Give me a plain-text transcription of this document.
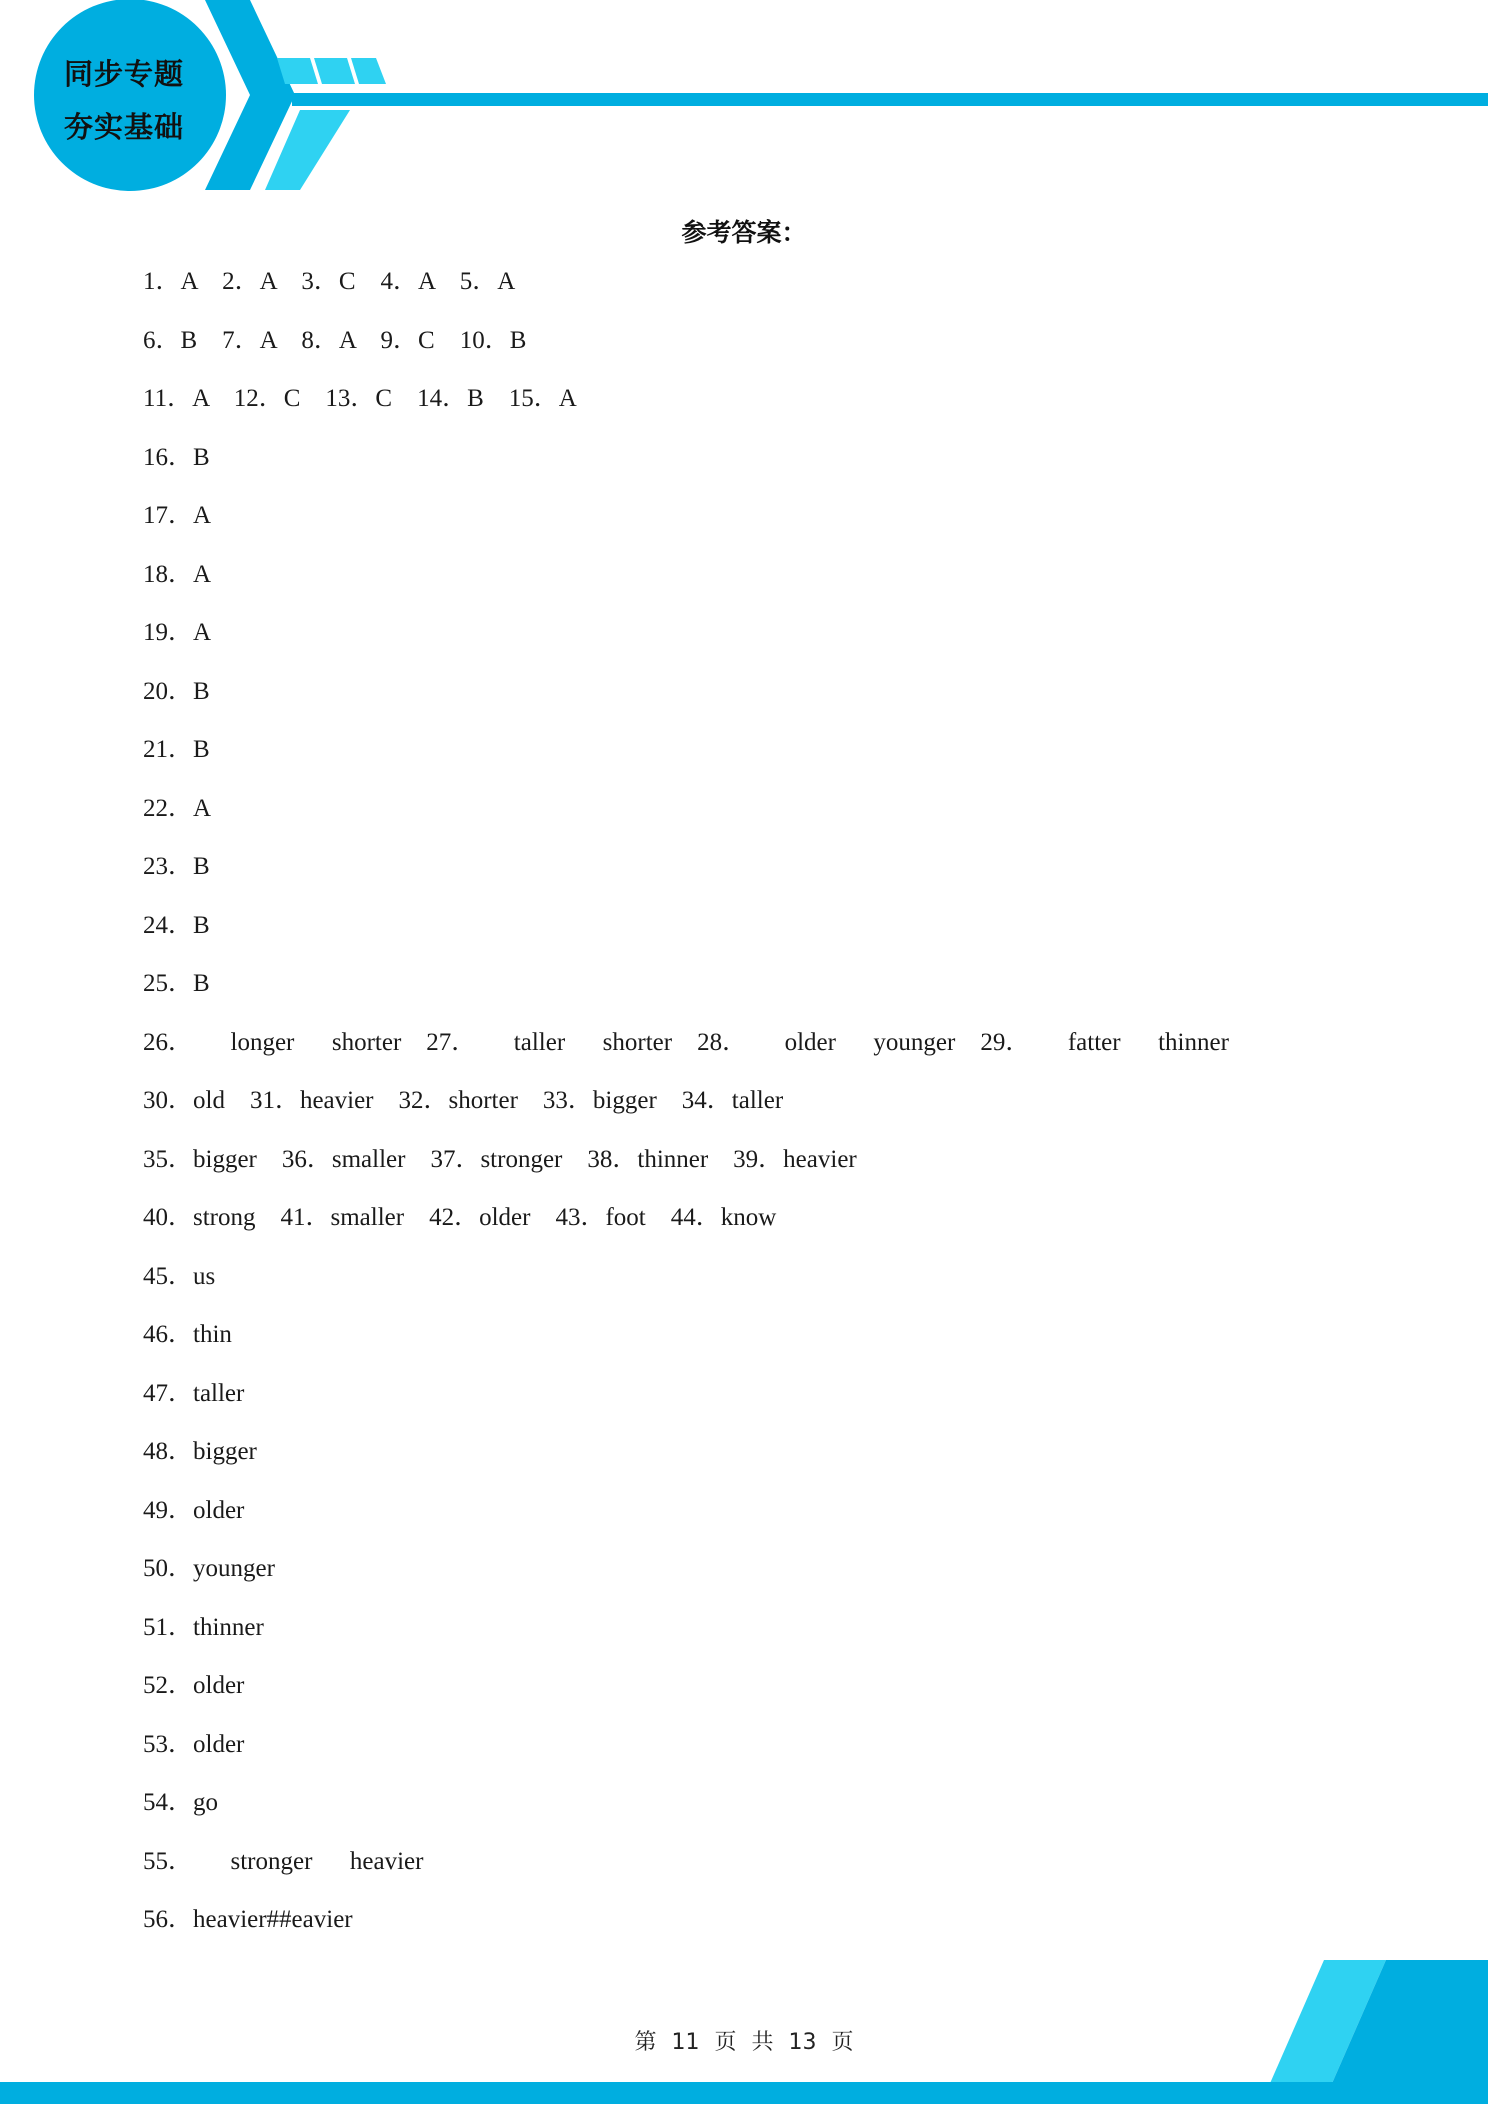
同步专题
夯实基础
参考答案：
1．A    2．A    3．C    4．A    5．A
6．B    7．A    8．A    9．C    10．B
11．A    12．C    13．C    14．B    15．A
16．B
17．A
18．A
19．A
20．B
21．B
22．A
23．B
24．B
25．B
26．      longer      shorter    27．      taller      shorter    28．      older      younger    29．      fatter      thinner
30．old    31．heavier    32．shorter    33．bigger    34．taller
35．bigger    36．smaller    37．stronger    38．thinner    39．heavier
40．strong    41．smaller    42．older    43．foot    44．know
45．us
46．thin
47．taller
48．bigger
49．older
50．younger
51．thinner
52．older
53．older
54．go
55．      stronger      heavier
56．heavier##eavier
第 11 页 共 13 页
